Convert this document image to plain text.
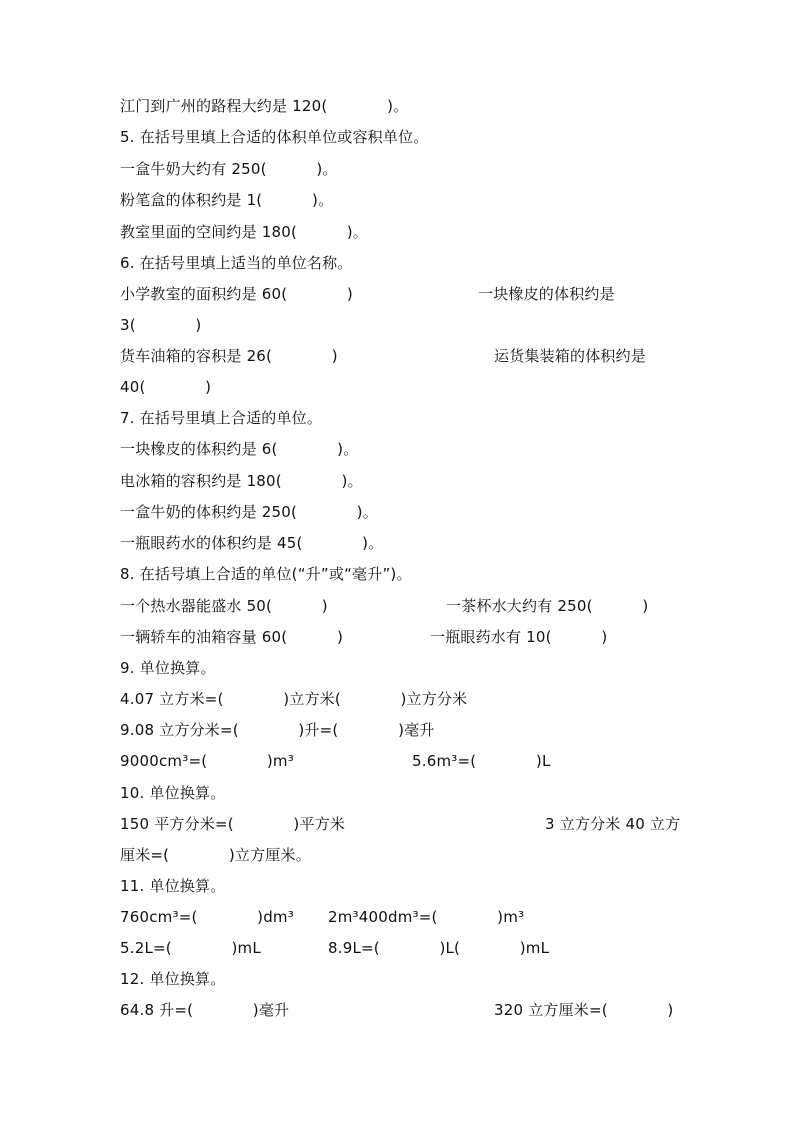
江门到广州的路程大约是 120(            )。
5. 在括号里填上合适的体积单位或容积单位。
一盒牛奶大约有 250(          )。
粉笔盒的体积约是 1(          )。
教室里面的空间约是 180(          )。
6. 在括号里填上适当的单位名称。
小学教室的面积约是 60(            )	一块橡皮的体积约是
3(            )
货车油箱的容积是 26(            )	运货集装箱的体积约是
40(            )
7. 在括号里填上合适的单位。
一块橡皮的体积约是 6(            )。
电冰箱的容积约是 180(            )。
一盒牛奶的体积约是 250(            )。
一瓶眼药水的体积约是 45(            )。
8. 在括号填上合适的单位(“升”或“毫升”)。
一个热水器能盛水 50(          )	一茶杯水大约有 250(          )
一辆轿车的油箱容量 60(          )	一瓶眼药水有 10(          )
9. 单位换算。
4.07 立方米=(            )立方米(            )立方分米
9.08 立方分米=(            )升=(            )毫升
9000cm³=(            )m³	5.6m³=(            )L
10. 单位换算。
150 平方分米=(            )平方米	3 立方分米 40 立方
厘米=(            )立方厘米。
11. 单位换算。
760cm³=(            )dm³ 2m³400dm³=(            )m³
5.2L=(            )mL	8.9L=(            )L(            )mL
12. 单位换算。
64.8 升=(            )毫升	320 立方厘米=(            )
